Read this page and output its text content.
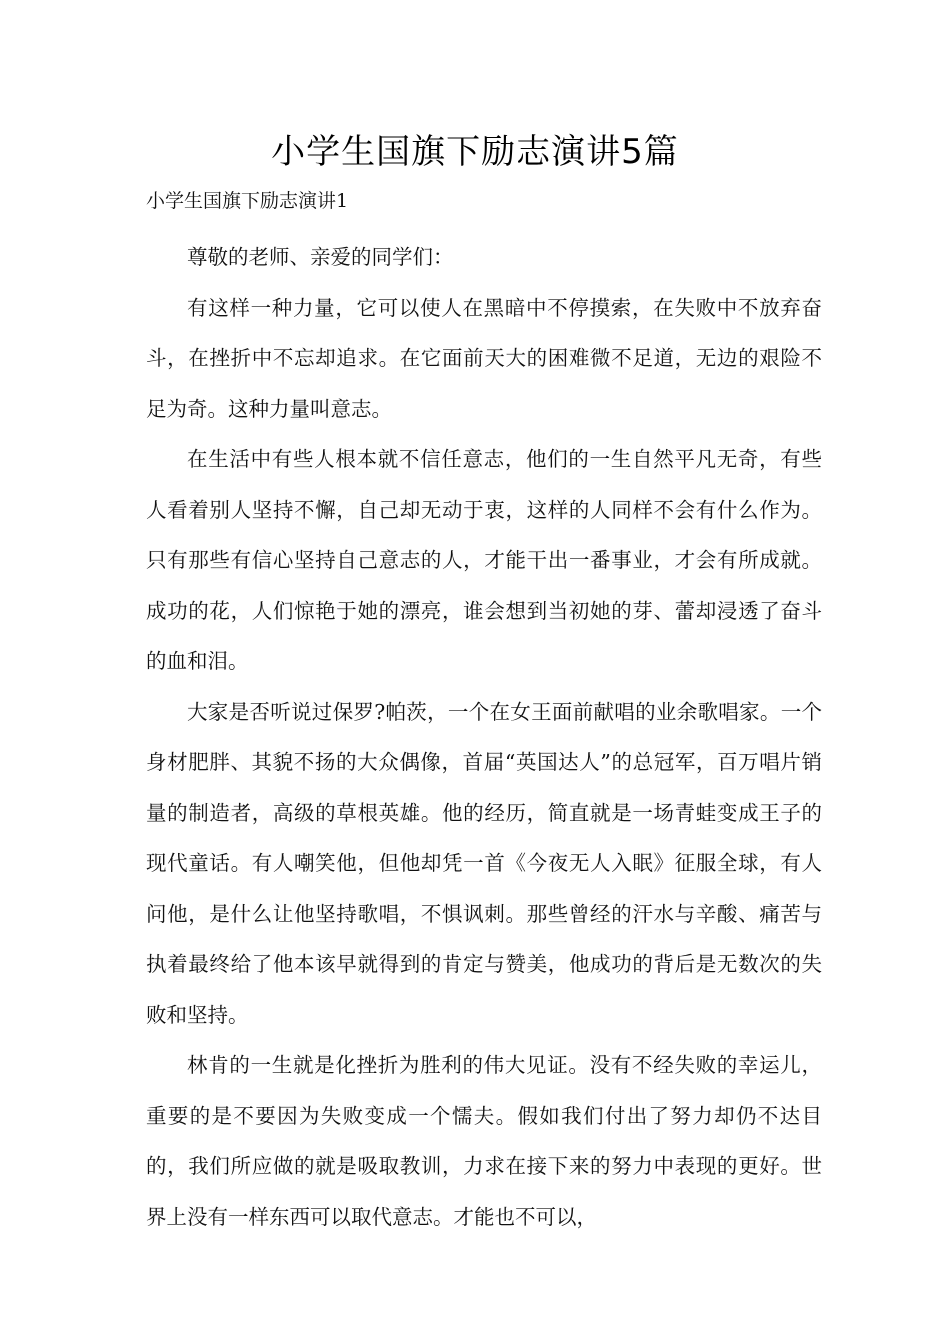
小学生国旗下励志演讲5篇
小学生国旗下励志演讲1

尊敬的老师、亲爱的同学们：

有这样一种力量，它可以使人在黑暗中不停摸索，在失败中不放弃奋斗，在挫折中不忘却追求。在它面前天大的困难微不足道，无边的艰险不足为奇。这种力量叫意志。

在生活中有些人根本就不信任意志，他们的一生自然平凡无奇，有些人看着别人坚持不懈，自己却无动于衷，这样的人同样不会有什么作为。只有那些有信心坚持自己意志的人，才能干出一番事业，才会有所成就。成功的花，人们惊艳于她的漂亮，谁会想到当初她的芽、蕾却浸透了奋斗的血和泪。

大家是否听说过保罗?帕茨，一个在女王面前献唱的业余歌唱家。一个身材肥胖、其貌不扬的大众偶像，首届“英国达人”的总冠军，百万唱片销量的制造者，高级的草根英雄。他的经历，简直就是一场青蛙变成王子的现代童话。有人嘲笑他，但他却凭一首《今夜无人入眠》征服全球，有人问他，是什么让他坚持歌唱，不惧讽刺。那些曾经的汗水与辛酸、痛苦与执着最终给了他本该早就得到的肯定与赞美，他成功的背后是无数次的失败和坚持。

林肯的一生就是化挫折为胜利的伟大见证。没有不经失败的幸运儿，重要的是不要因为失败变成一个懦夫。假如我们付出了努力却仍不达目的，我们所应做的就是吸取教训，力求在接下来的努力中表现的更好。世界上没有一样东西可以取代意志。才能也不可以，
